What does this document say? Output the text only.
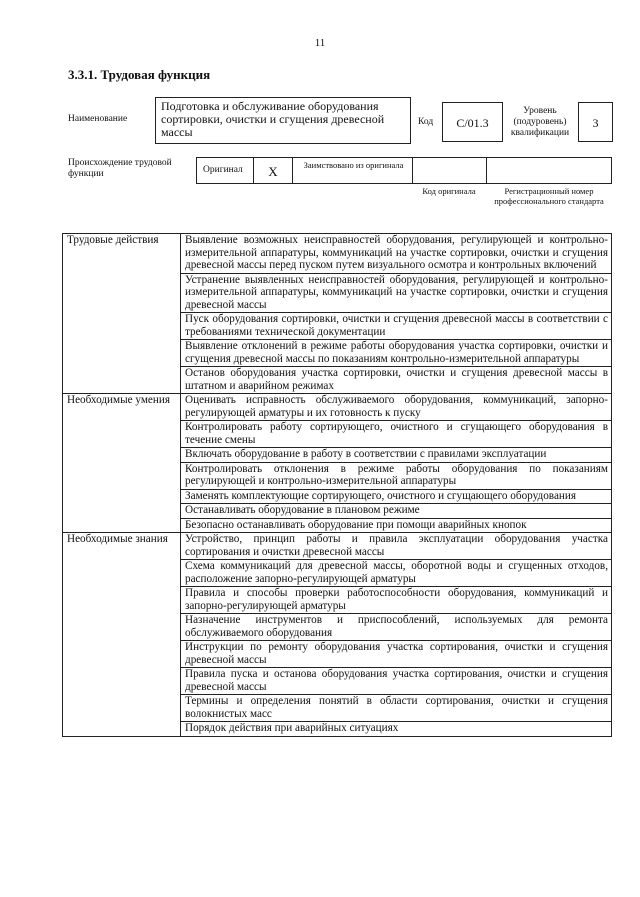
11
3.3.1. Трудовая функция
Наименование
Подготовка и обслуживание оборудования сортировки, очистки и сгущения древесной массы
Код	С/01.3
Уровень (подуровень) квалификации
3
Происхождение трудовой функции	Оригинал	X	Заимствовано из оригинала
Код оригинала	Регистрационный номер профессионального стандарта
Трудовые действия	Выявление возможных неисправностей оборудования, регулирующей и контрольно-измерительной аппаратуры, коммуникаций на участке сортировки, очистки и сгущения древесной массы перед пуском путем визуального осмотра и контрольных включений
	Устранение выявленных неисправностей оборудования, регулирующей и контрольно-измерительной аппаратуры, коммуникаций на участке сортировки, очистки и сгущения древесной массы
	Пуск оборудования сортировки, очистки и сгущения древесной массы в соответствии с требованиями технической документации
	Выявление отклонений в режиме работы оборудования участка сортировки, очистки и сгущения древесной массы по показаниям контрольно-измерительной аппаратуры
	Останов оборудования участка сортировки, очистки и сгущения древесной массы в штатном и аварийном режимах
Необходимые умения	Оценивать исправность обслуживаемого оборудования, коммуникаций, запорно-регулирующей арматуры и их готовность к пуску
	Контролировать работу сортирующего, очистного и сгущающего оборудования в течение смены
	Включать оборудование в работу в соответствии с правилами эксплуатации
	Контролировать отклонения в режиме работы оборудования по показаниям регулирующей и контрольно-измерительной аппаратуры
	Заменять комплектующие сортирующего, очистного и сгущающего оборудования
	Останавливать оборудование в плановом режиме
	Безопасно останавливать оборудование при помощи аварийных кнопок
Необходимые знания	Устройство, принцип работы и правила эксплуатации оборудования участка сортирования и очистки древесной массы
	Схема коммуникаций для древесной массы, оборотной воды и сгущенных отходов, расположение запорно-регулирующей арматуры
	Правила и способы проверки работоспособности оборудования, коммуникаций и запорно-регулирующей арматуры
	Назначение инструментов и приспособлений, используемых для ремонта обслуживаемого оборудования
	Инструкции по ремонту оборудования участка сортирования, очистки и сгущения древесной массы
	Правила пуска и останова оборудования участка сортирования, очистки и сгущения древесной массы
	Термины и определения понятий в области сортирования, очистки и сгущения волокнистых масс
	Порядок действия при аварийных ситуациях
